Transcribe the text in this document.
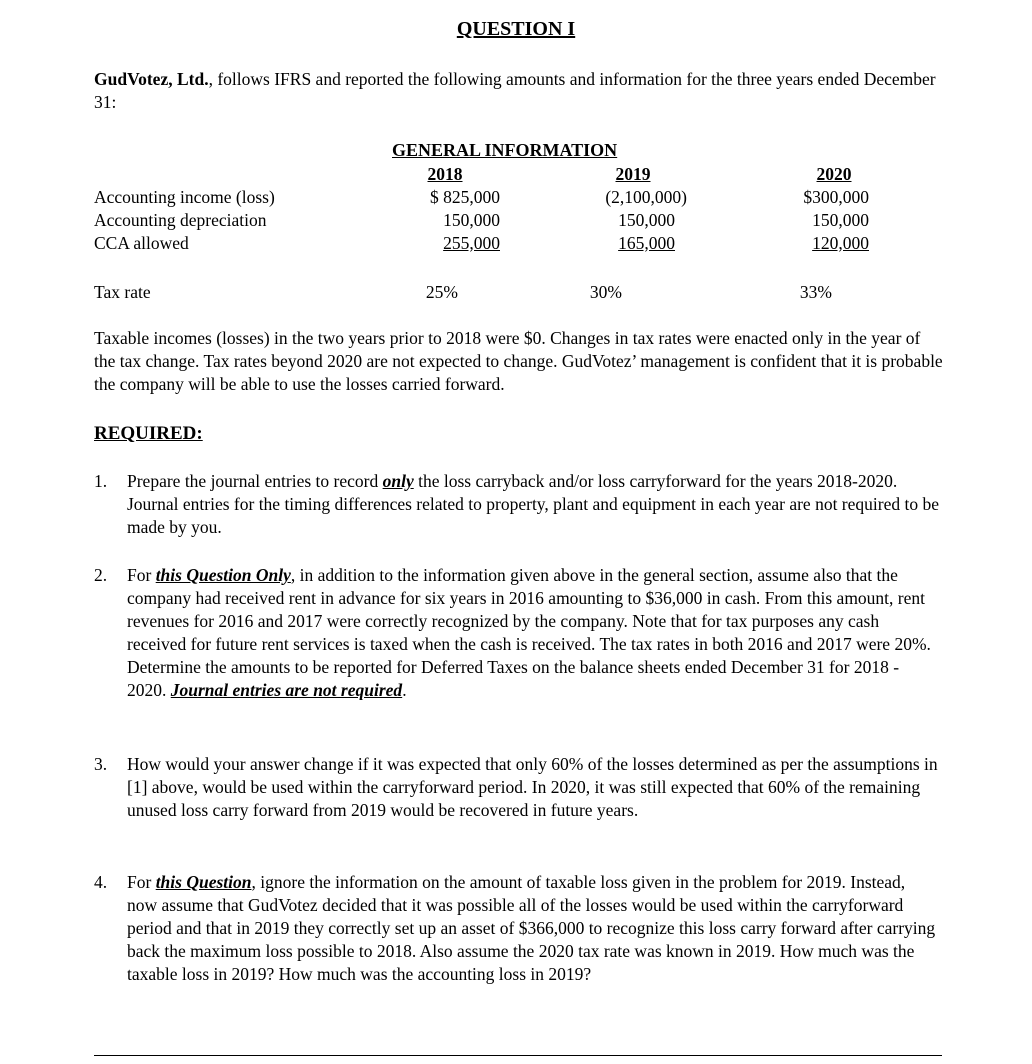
QUESTION I
GudVotez, Ltd., follows IFRS and reported the following amounts and information for the three years ended December 31:
GENERAL INFORMATION
2018	2019	2020
Accounting income (loss)	$ 825,000	(2,100,000)	$300,000
Accounting depreciation	150,000	150,000	150,000
CCA allowed	255,000	165,000	120,000
Tax rate	25%	30%	33%
Taxable incomes (losses) in the two years prior to 2018 were $0. Changes in tax rates were enacted only in the year of the tax change. Tax rates beyond 2020 are not expected to change. GudVotez’ management is confident that it is probable the company will be able to use the losses carried forward.
REQUIRED:
1. Prepare the journal entries to record only the loss carryback and/or loss carryforward for the years 2018-2020. Journal entries for the timing differences related to property, plant and equipment in each year are not required to be made by you.
2. For this Question Only, in addition to the information given above in the general section, assume also that the company had received rent in advance for six years in 2016 amounting to $36,000 in cash. From this amount, rent revenues for 2016 and 2017 were correctly recognized by the company. Note that for tax purposes any cash received for future rent services is taxed when the cash is received. The tax rates in both 2016 and 2017 were 20%. Determine the amounts to be reported for Deferred Taxes on the balance sheets ended December 31 for 2018 - 2020. Journal entries are not required.
3. How would your answer change if it was expected that only 60% of the losses determined as per the assumptions in [1] above, would be used within the carryforward period. In 2020, it was still expected that 60% of the remaining unused loss carry forward from 2019 would be recovered in future years.
4. For this Question, ignore the information on the amount of taxable loss given in the problem for 2019. Instead, now assume that GudVotez decided that it was possible all of the losses would be used within the carryforward period and that in 2019 they correctly set up an asset of $366,000 to recognize this loss carry forward after carrying back the maximum loss possible to 2018. Also assume the 2020 tax rate was known in 2019. How much was the taxable loss in 2019? How much was the accounting loss in 2019?
